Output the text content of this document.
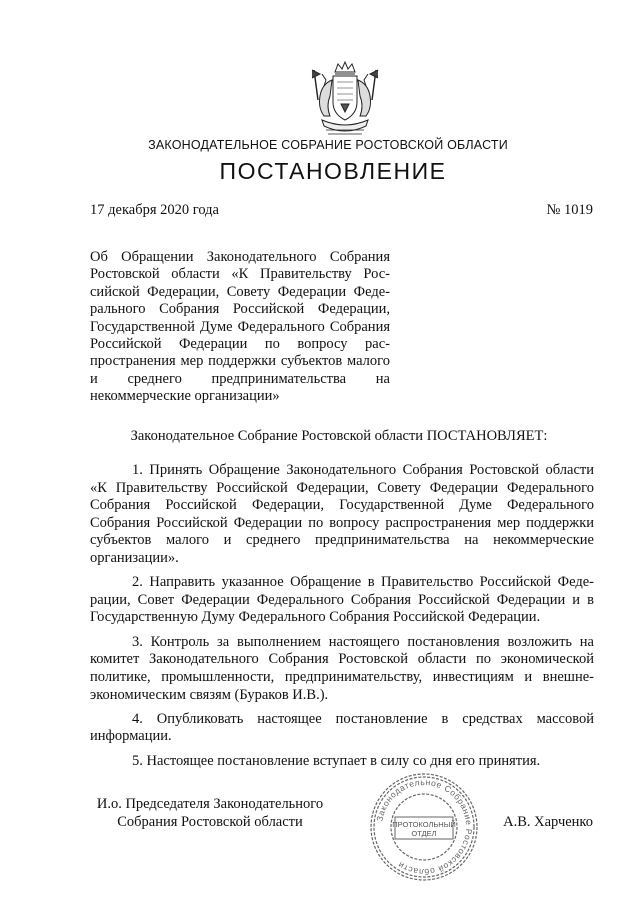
ЗАКОНОДАТЕЛЬНОЕ СОБРАНИЕ РОСТОВСКОЙ ОБЛАСТИ
ПОСТАНОВЛЕНИЕ
17 декабря 2020 года	№ 1019
Об Обращении Законодательного Собрания Ростовской области «К Правительству Российской Федерации, Совету Федерации Федерального Собрания Российской Федерации, Государственной Думе Федерального Собрания Российской Федерации по вопросу распространения мер поддержки субъектов малого и среднего предпринимательства на некоммерческие организации»
Законодательное Собрание Ростовской области ПОСТАНОВЛЯЕТ:

1. Принять Обращение Законодательного Собрания Ростовской области «К Правительству Российской Федерации, Совету Федерации Федерального Собрания Российской Федерации, Государственной Думе Федерального Собрания Российской Федерации по вопросу распространения мер поддержки субъектов малого и среднего предпринимательства на некоммерческие организации».

2. Направить указанное Обращение в Правительство Российской Федерации, Совет Федерации Федерального Собрания Российской Федерации и в Государственную Думу Федерального Собрания Российской Федерации.

3. Контроль за выполнением настоящего постановления возложить на комитет Законодательного Собрания Ростовской области по экономической политике, промышленности, предпринимательству, инвестициям и внешнеэкономическим связям (Бураков И.В.).

4. Опубликовать настоящее постановление в средствах массовой информации.

5. Настоящее постановление вступает в силу со дня его принятия.

И.о. Председателя Законодательного
Собрания Ростовской области	Законодательное Собрание Ростовской области
ПРОТОКОЛЬНЫЙ
ОТДЕЛ
А.В. Харченко
